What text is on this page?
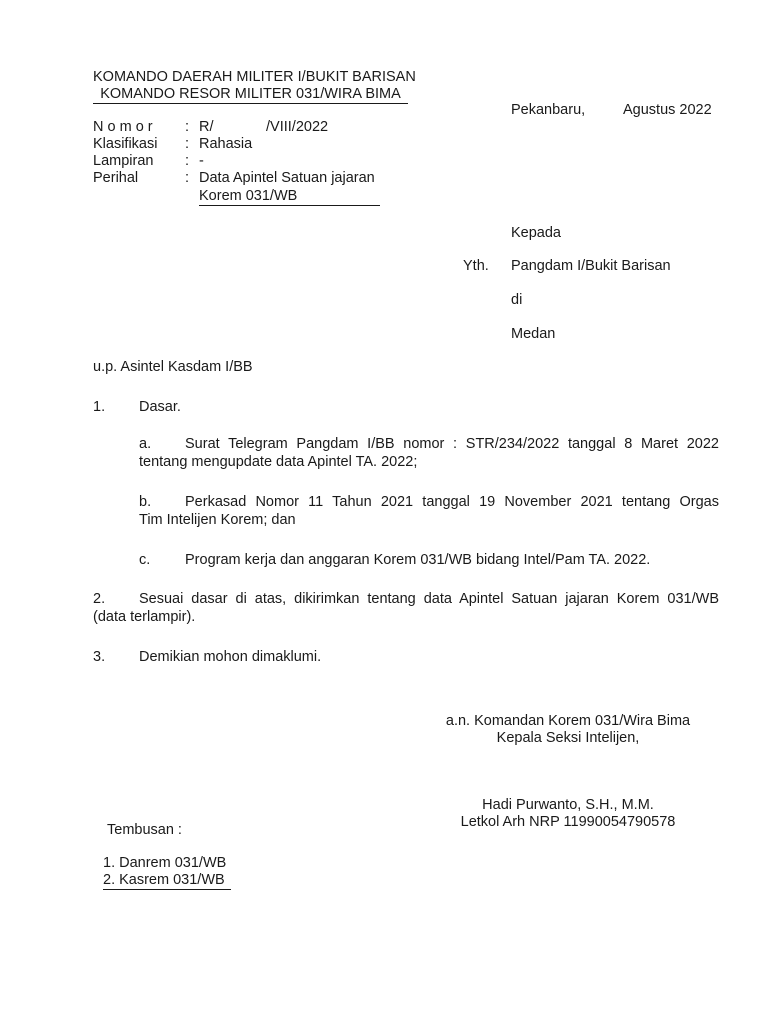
KOMANDO DAERAH MILITER I/BUKIT BARISAN
KOMANDO RESOR MILITER 031/WIRA BIMA
Pekanbaru,	Agustus 2022
N o m o r : R/	/VIII/2022
Klasifikasi : Rahasia
Lampiran : -
Perihal	: Data Apintel Satuan jajaran
Korem 031/WB
Kepada
Yth. Pangdam I/Bukit Barisan
di
Medan
u.p. Asintel Kasdam I/BB
1. Dasar.
a. Surat Telegram Pangdam I/BB nomor : STR/234/2022 tanggal 8 Maret 2022
tentang mengupdate data Apintel TA. 2022;
b. Perkasad Nomor 11 Tahun 2021 tanggal 19 November 2021 tentang Orgas
Tim Intelijen Korem; dan
c. Program kerja dan anggaran Korem 031/WB bidang Intel/Pam TA. 2022.
2. Sesuai dasar di atas, dikirimkan tentang data Apintel Satuan jajaran Korem 031/WB
(data terlampir).
3. Demikian mohon dimaklumi.
a.n. Komandan Korem 031/Wira Bima
Kepala Seksi Intelijen,
Hadi Purwanto, S.H., M.M.
Letkol Arh NRP 11990054790578
Tembusan :
1. Danrem 031/WB
2. Kasrem 031/WB
